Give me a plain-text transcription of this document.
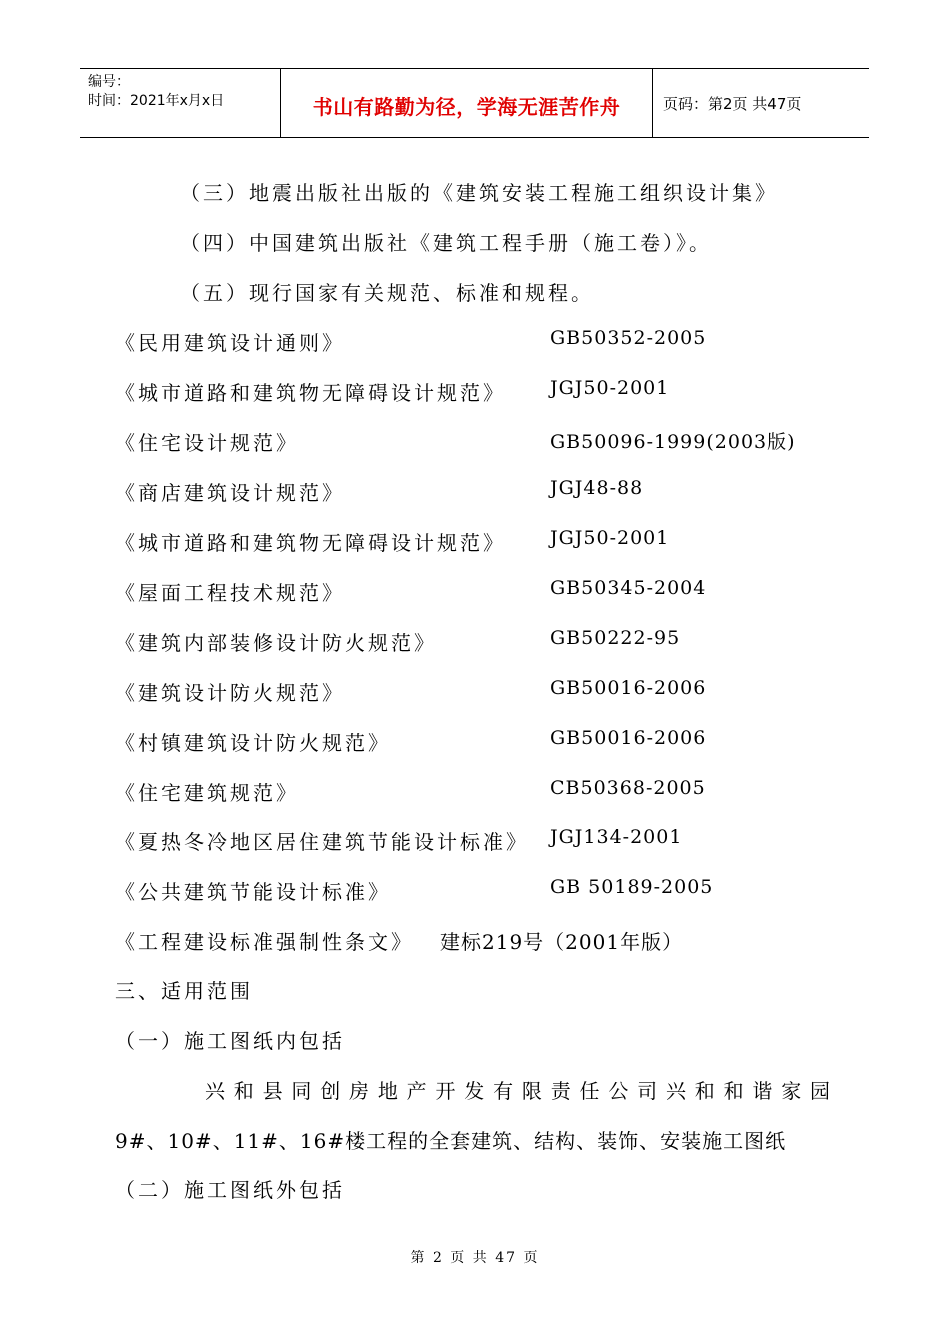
编号：
时间：2021年x月x日	书山有路勤为径，学海无涯苦作舟	页码：第2页 共47页
（三）地震出版社出版的《建筑安装工程施工组织设计集》
（四）中国建筑出版社《建筑工程手册（施工卷）》。
（五）现行国家有关规范、标准和规程。
《民用建筑设计通则》	GB50352-2005
《城市道路和建筑物无障碍设计规范》 JGJ50-2001
《住宅设计规范》	GB50096-1999(2003版)
《商店建筑设计规范》	JGJ48-88
《城市道路和建筑物无障碍设计规范》 JGJ50-2001
《屋面工程技术规范》	GB50345-2004
《建筑内部装修设计防火规范》	GB50222-95
《建筑设计防火规范》	GB50016-2006
《村镇建筑设计防火规范》	GB50016-2006
《住宅建筑规范》	CB50368-2005
《夏热冬冷地区居住建筑节能设计标准》 JGJ134-2001
《公共建筑节能设计标准》	GB 50189-2005
《工程建设标准强制性条文》 建标219号（2001年版）
三、适用范围
（一）施工图纸内包括
兴和县同创房地产开发有限责任公司兴和和谐家园
9#、10#、11#、16#楼工程的全套建筑、结构、装饰、安装施工图纸
（二）施工图纸外包括
第 2 页 共 47 页
